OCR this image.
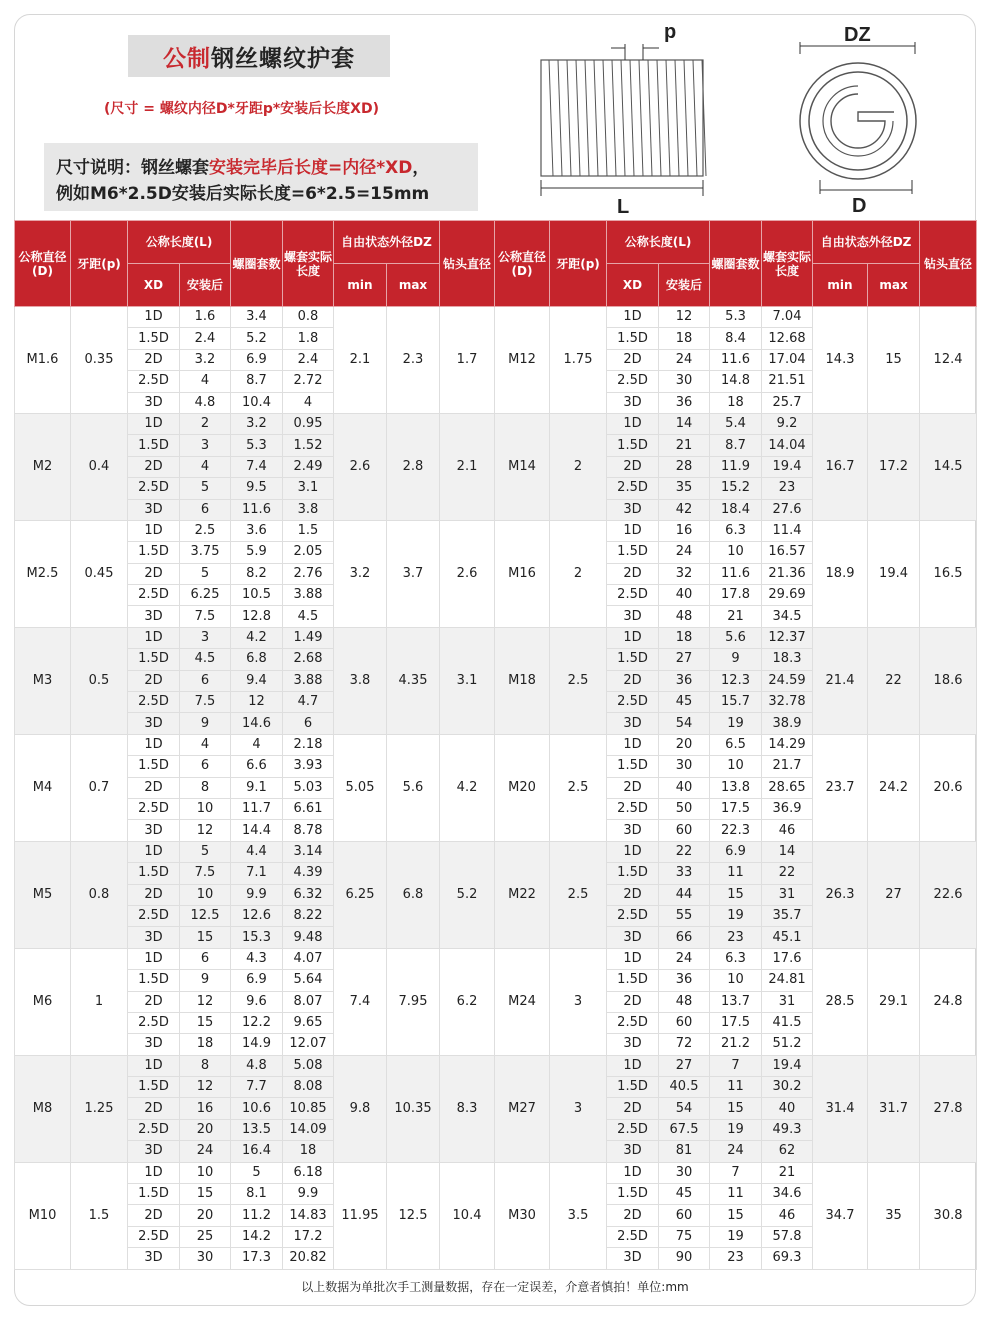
公制钢丝螺纹护套
(尺寸 = 螺纹内径D*牙距p*安装后长度XD)
尺寸说明：钢丝螺套安装完毕后长度=内径*XD，
例如M6*2.5D安装后实际长度=6*2.5=15mm
p
L
DZ
D
公称直径(D)	牙距(p)	公称长度(L)		螺圈套数	螺套实际长度	自由状态外径DZ		钻头直径	公称直径(D)	牙距(p)	公称长度(L)		螺圈套数	螺套实际长度	自由状态外径DZ		钻头直径
		XD	安装后			min	max				XD	安装后			min	max	
M1.6	0.35	1D	1.6	3.4	0.8	2.1	2.3	1.7	M12	1.75	1D	12	5.3	7.04	14.3	15	12.4
		1.5D	2.4	5.2	1.8						1.5D	18	8.4	12.68			
		2D	3.2	6.9	2.4						2D	24	11.6	17.04			
		2.5D	4	8.7	2.72						2.5D	30	14.8	21.51			
		3D	4.8	10.4	4						3D	36	18	25.7			
M2	0.4	1D	2	3.2	0.95	2.6	2.8	2.1	M14	2	1D	14	5.4	9.2	16.7	17.2	14.5
		1.5D	3	5.3	1.52						1.5D	21	8.7	14.04			
		2D	4	7.4	2.49						2D	28	11.9	19.4			
		2.5D	5	9.5	3.1						2.5D	35	15.2	23			
		3D	6	11.6	3.8						3D	42	18.4	27.6			
M2.5	0.45	1D	2.5	3.6	1.5	3.2	3.7	2.6	M16	2	1D	16	6.3	11.4	18.9	19.4	16.5
		1.5D	3.75	5.9	2.05						1.5D	24	10	16.57			
		2D	5	8.2	2.76						2D	32	11.6	21.36			
		2.5D	6.25	10.5	3.88						2.5D	40	17.8	29.69			
		3D	7.5	12.8	4.5						3D	48	21	34.5			
M3	0.5	1D	3	4.2	1.49	3.8	4.35	3.1	M18	2.5	1D	18	5.6	12.37	21.4	22	18.6
		1.5D	4.5	6.8	2.68						1.5D	27	9	18.3			
		2D	6	9.4	3.88						2D	36	12.3	24.59			
		2.5D	7.5	12	4.7						2.5D	45	15.7	32.78			
		3D	9	14.6	6						3D	54	19	38.9			
M4	0.7	1D	4	4	2.18	5.05	5.6	4.2	M20	2.5	1D	20	6.5	14.29	23.7	24.2	20.6
		1.5D	6	6.6	3.93						1.5D	30	10	21.7			
		2D	8	9.1	5.03						2D	40	13.8	28.65			
		2.5D	10	11.7	6.61						2.5D	50	17.5	36.9			
		3D	12	14.4	8.78						3D	60	22.3	46			
M5	0.8	1D	5	4.4	3.14	6.25	6.8	5.2	M22	2.5	1D	22	6.9	14	26.3	27	22.6
		1.5D	7.5	7.1	4.39						1.5D	33	11	22			
		2D	10	9.9	6.32						2D	44	15	31			
		2.5D	12.5	12.6	8.22						2.5D	55	19	35.7			
		3D	15	15.3	9.48						3D	66	23	45.1			
M6	1	1D	6	4.3	4.07	7.4	7.95	6.2	M24	3	1D	24	6.3	17.6	28.5	29.1	24.8
		1.5D	9	6.9	5.64						1.5D	36	10	24.81			
		2D	12	9.6	8.07						2D	48	13.7	31			
		2.5D	15	12.2	9.65						2.5D	60	17.5	41.5			
		3D	18	14.9	12.07						3D	72	21.2	51.2			
M8	1.25	1D	8	4.8	5.08	9.8	10.35	8.3	M27	3	1D	27	7	19.4	31.4	31.7	27.8
		1.5D	12	7.7	8.08						1.5D	40.5	11	30.2			
		2D	16	10.6	10.85						2D	54	15	40			
		2.5D	20	13.5	14.09						2.5D	67.5	19	49.3			
		3D	24	16.4	18						3D	81	24	62			
M10	1.5	1D	10	5	6.18	11.95	12.5	10.4	M30	3.5	1D	30	7	21	34.7	35	30.8
		1.5D	15	8.1	9.9						1.5D	45	11	34.6			
		2D	20	11.2	14.83						2D	60	15	46			
		2.5D	25	14.2	17.2						2.5D	75	19	57.8			
		3D	30	17.3	20.82						3D	90	23	69.3			
以上数据为单批次手工测量数据，存在一定误差，介意者慎拍！单位:mm
